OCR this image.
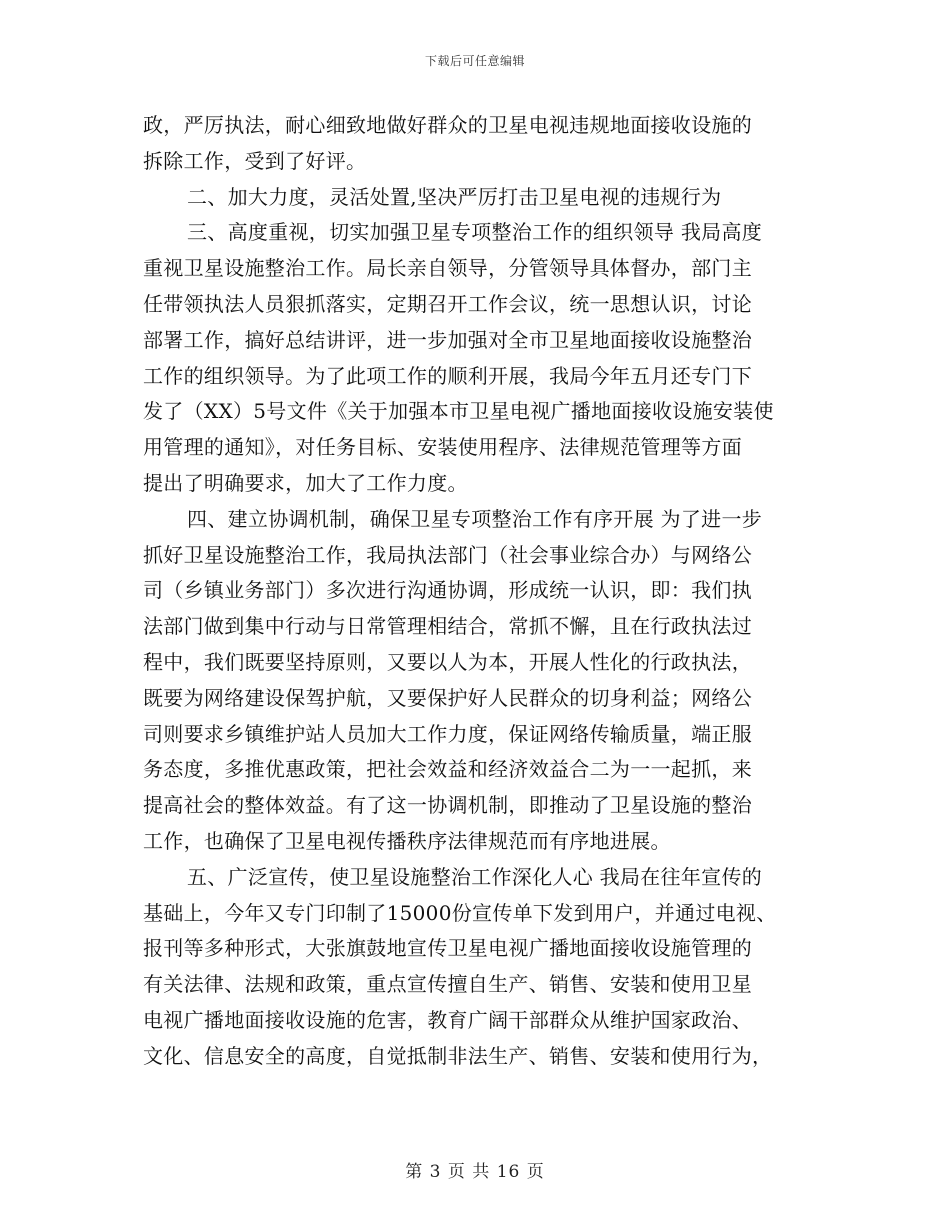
下载后可任意编辑
政，严厉执法，耐心细致地做好群众的卫星电视违规地面接收设施的
拆除工作，受到了好评。
二、加大力度，灵活处置,坚决严厉打击卫星电视的违规行为
三、高度重视，切实加强卫星专项整治工作的组织领导 我局高度
重视卫星设施整治工作。局长亲自领导，分管领导具体督办，部门主
任带领执法人员狠抓落实，定期召开工作会议，统一思想认识，讨论
部署工作，搞好总结讲评，进一步加强对全市卫星地面接收设施整治
工作的组织领导。为了此项工作的顺利开展，我局今年五月还专门下
发了（XX）5号文件《关于加强本市卫星电视广播地面接收设施安装使
用管理的通知》，对任务目标、安装使用程序、法律规范管理等方面
提出了明确要求，加大了工作力度。
四、建立协调机制，确保卫星专项整治工作有序开展 为了进一步
抓好卫星设施整治工作，我局执法部门（社会事业综合办）与网络公
司（乡镇业务部门）多次进行沟通协调，形成统一认识，即：我们执
法部门做到集中行动与日常管理相结合，常抓不懈，且在行政执法过
程中，我们既要坚持原则，又要以人为本，开展人性化的行政执法，
既要为网络建设保驾护航，又要保护好人民群众的切身利益；网络公
司则要求乡镇维护站人员加大工作力度，保证网络传输质量，端正服
务态度，多推优惠政策，把社会效益和经济效益合二为一一起抓，来
提高社会的整体效益。有了这一协调机制，即推动了卫星设施的整治
工作，也确保了卫星电视传播秩序法律规范而有序地进展。
五、广泛宣传，使卫星设施整治工作深化人心 我局在往年宣传的
基础上，今年又专门印制了15000份宣传单下发到用户，并通过电视、
报刊等多种形式，大张旗鼓地宣传卫星电视广播地面接收设施管理的
有关法律、法规和政策，重点宣传擅自生产、销售、安装和使用卫星
电视广播地面接收设施的危害，教育广阔干部群众从维护国家政治、
文化、信息安全的高度，自觉抵制非法生产、销售、安装和使用行为，
第 3 页 共 16 页
